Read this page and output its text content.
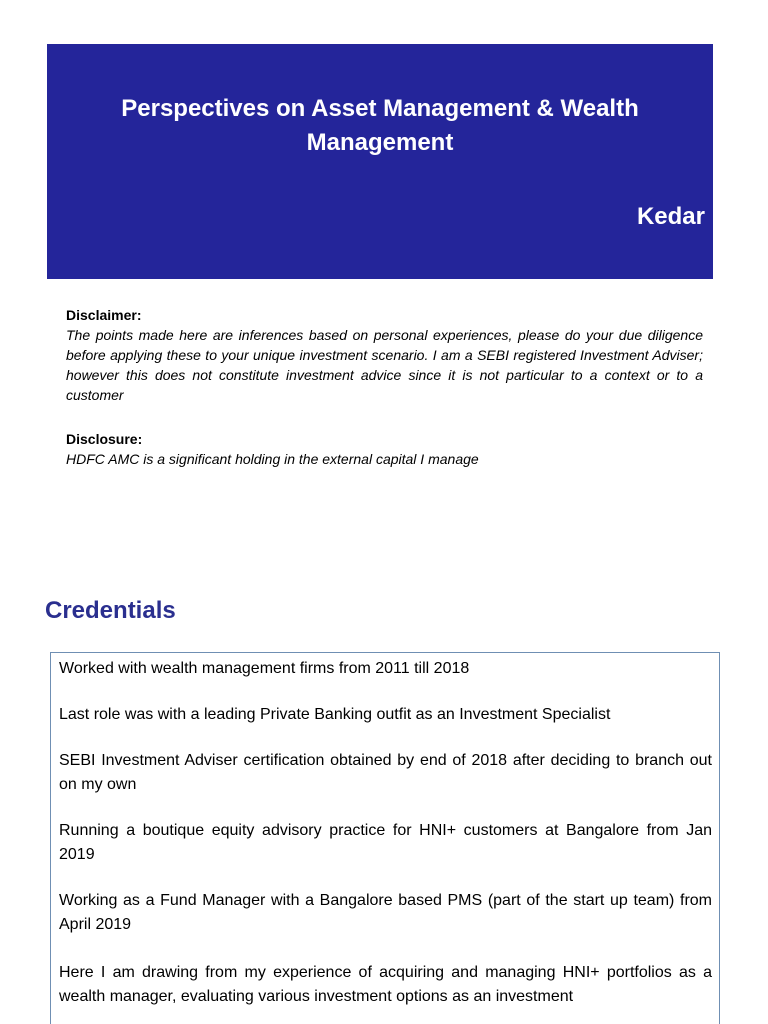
Perspectives on Asset Management & Wealth Management
Kedar
Disclaimer:
The points made here are inferences based on personal experiences, please do your due diligence before applying these to your unique investment scenario. I am a SEBI registered Investment Adviser; however this does not constitute investment advice since it is not particular to a context or to a customer
Disclosure:
HDFC AMC is a significant holding in the external capital I manage
Credentials

Worked with wealth management firms from 2011 till 2018

Last role was with a leading Private Banking outfit as an Investment Specialist

SEBI Investment Adviser certification obtained by end of 2018 after deciding to branch out on my own

Running a boutique equity advisory practice for HNI+ customers at Bangalore from Jan 2019

Working as a Fund Manager with a Bangalore based PMS (part of the start up team) from April 2019

Here I am drawing from my experience of acquiring and managing HNI+ portfolios as a wealth manager, evaluating various investment options as an investment
